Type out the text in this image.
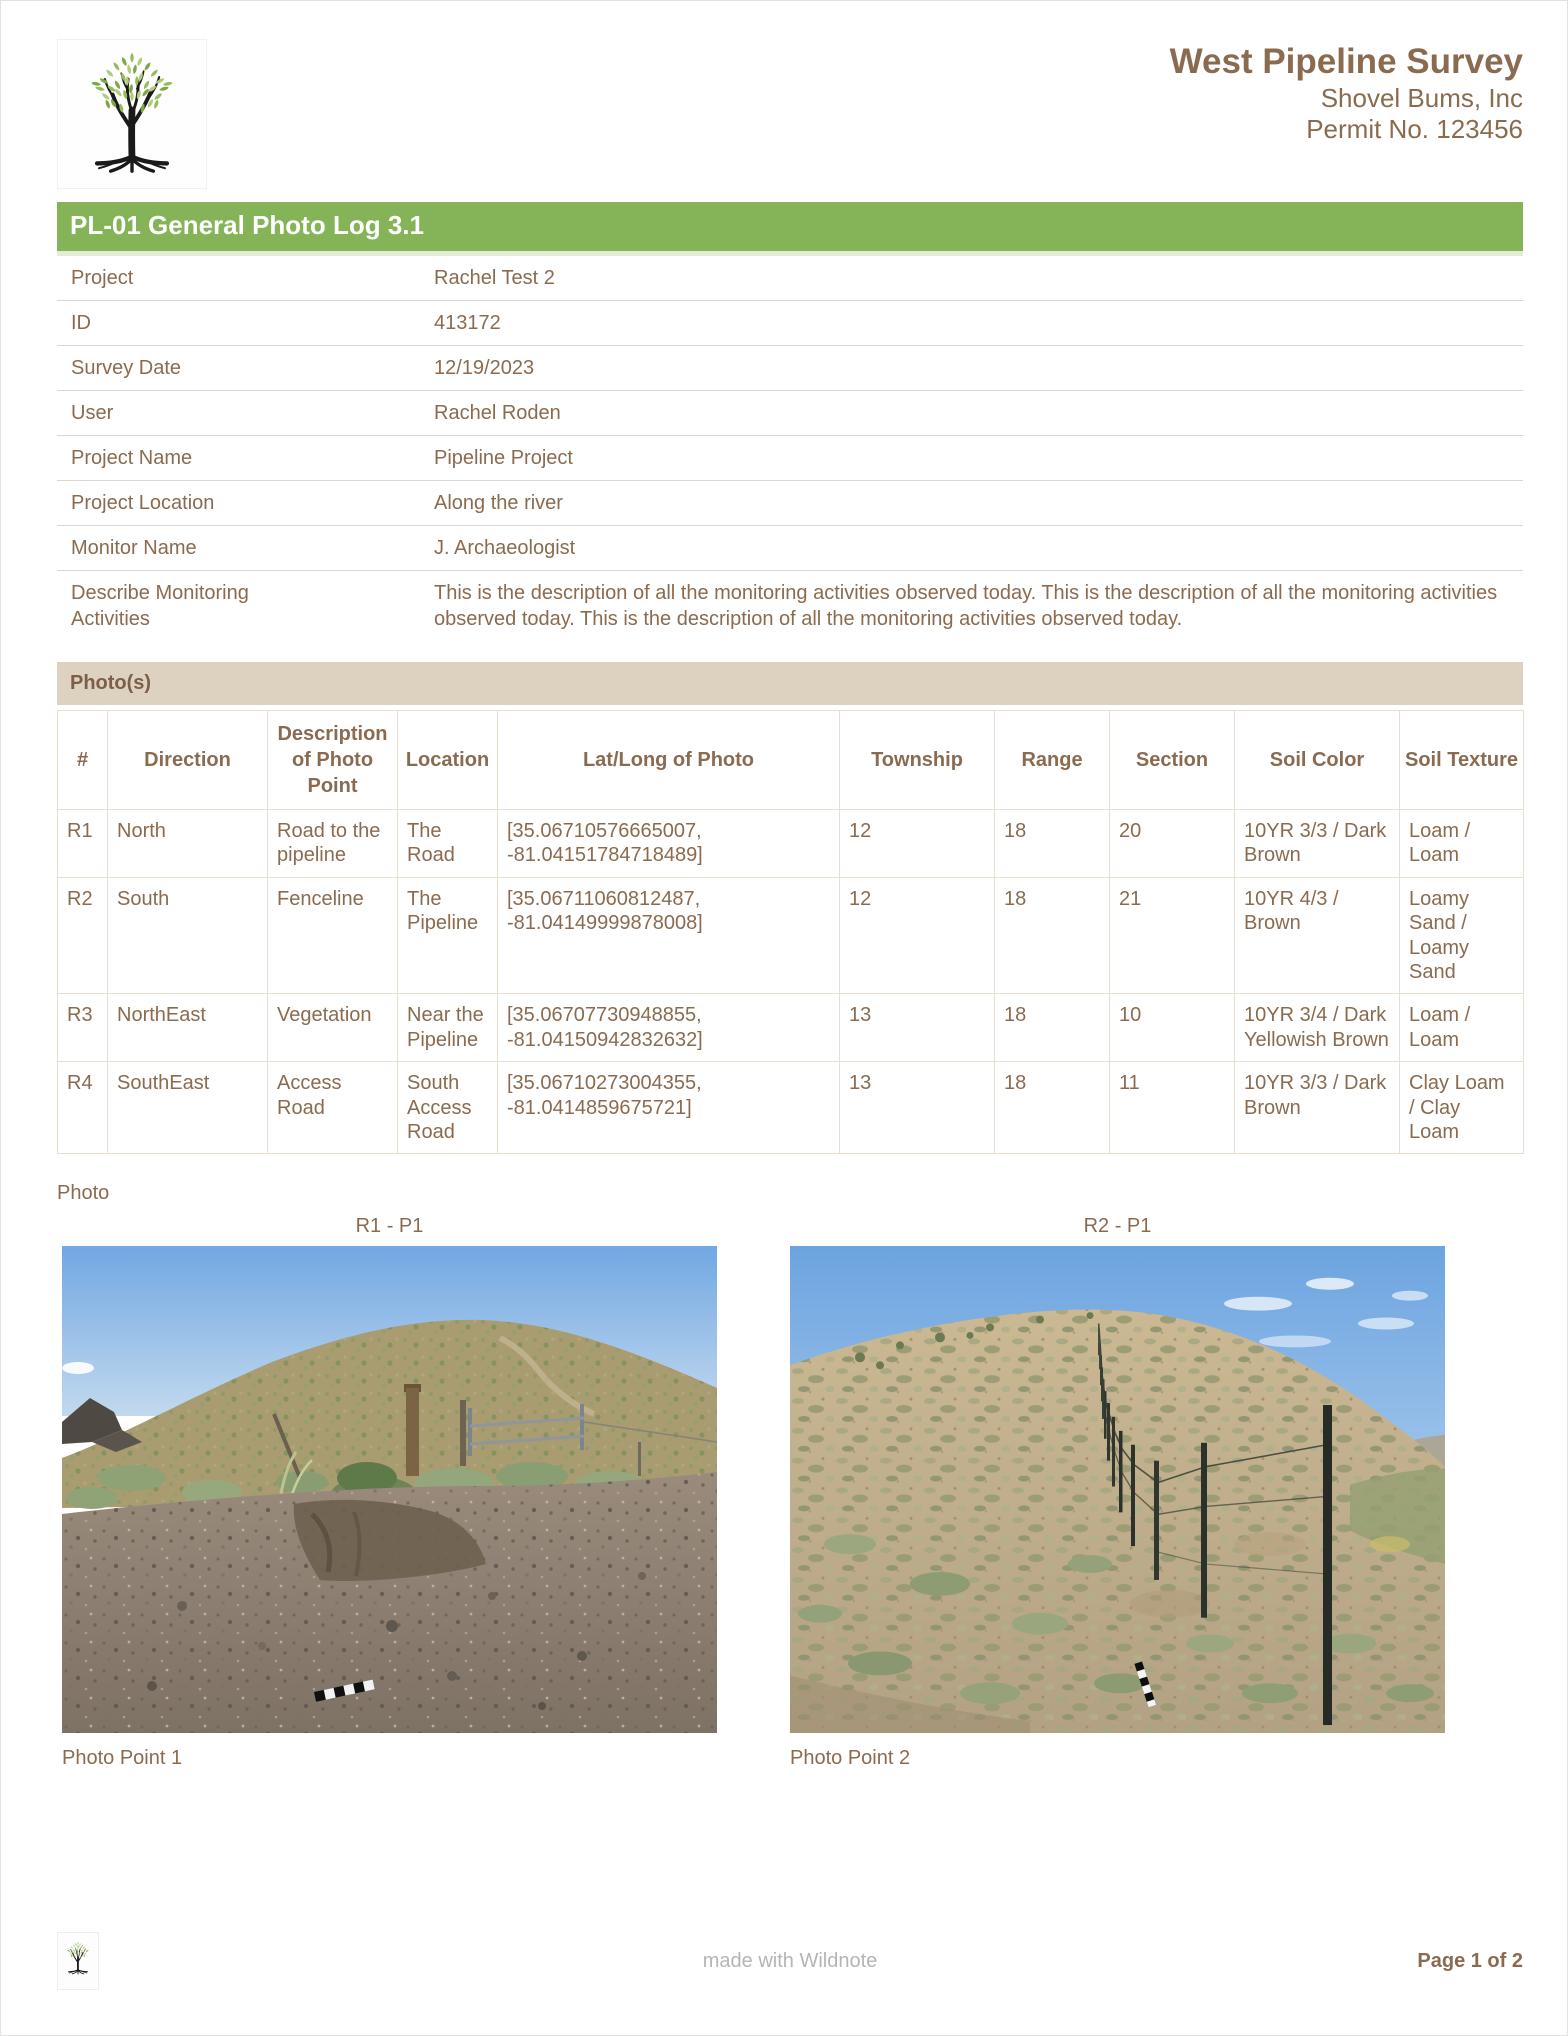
West Pipeline Survey
Shovel Bums, Inc
Permit No. 123456
PL-01 General Photo Log 3.1
Project	Rachel Test 2
ID	413172
Survey Date	12/19/2023
User	Rachel Roden
Project Name	Pipeline Project
Project Location	Along the river
Monitor Name	J. Archaeologist
Describe Monitoring Activities
This is the description of all the monitoring activities observed today. This is the description of all the monitoring activities observed today. This is the description of all the monitoring activities observed today.
Photo(s)
#	Direction	Description of Photo Point	Location	Lat/Long of Photo	Township	Range	Section	Soil Color	Soil Texture
R1	North	Road to the pipeline	The Road	[35.06710576665007, -81.04151784718489]	12	18	20	10YR 3/3 / Dark Brown	Loam / Loam
R2	South	Fenceline	The Pipeline	[35.06711060812487, -81.04149999878008]	12	18	21	10YR 4/3 / Brown	Loamy Sand / Loamy Sand
R3	NorthEast	Vegetation	Near the Pipeline	[35.06707730948855, -81.04150942832632]	13	18	10	10YR 3/4 / Dark Yellowish Brown	Loam / Loam
R4	SouthEast	Access Road	South Access Road	[35.06710273004355, -81.0414859675721]	13	18	11	10YR 3/3 / Dark Brown	Clay Loam / Clay Loam
Photo
R1 - P1
Photo Point 1
R2 - P1
Photo Point 2
made with Wildnote	Page 1 of 2
